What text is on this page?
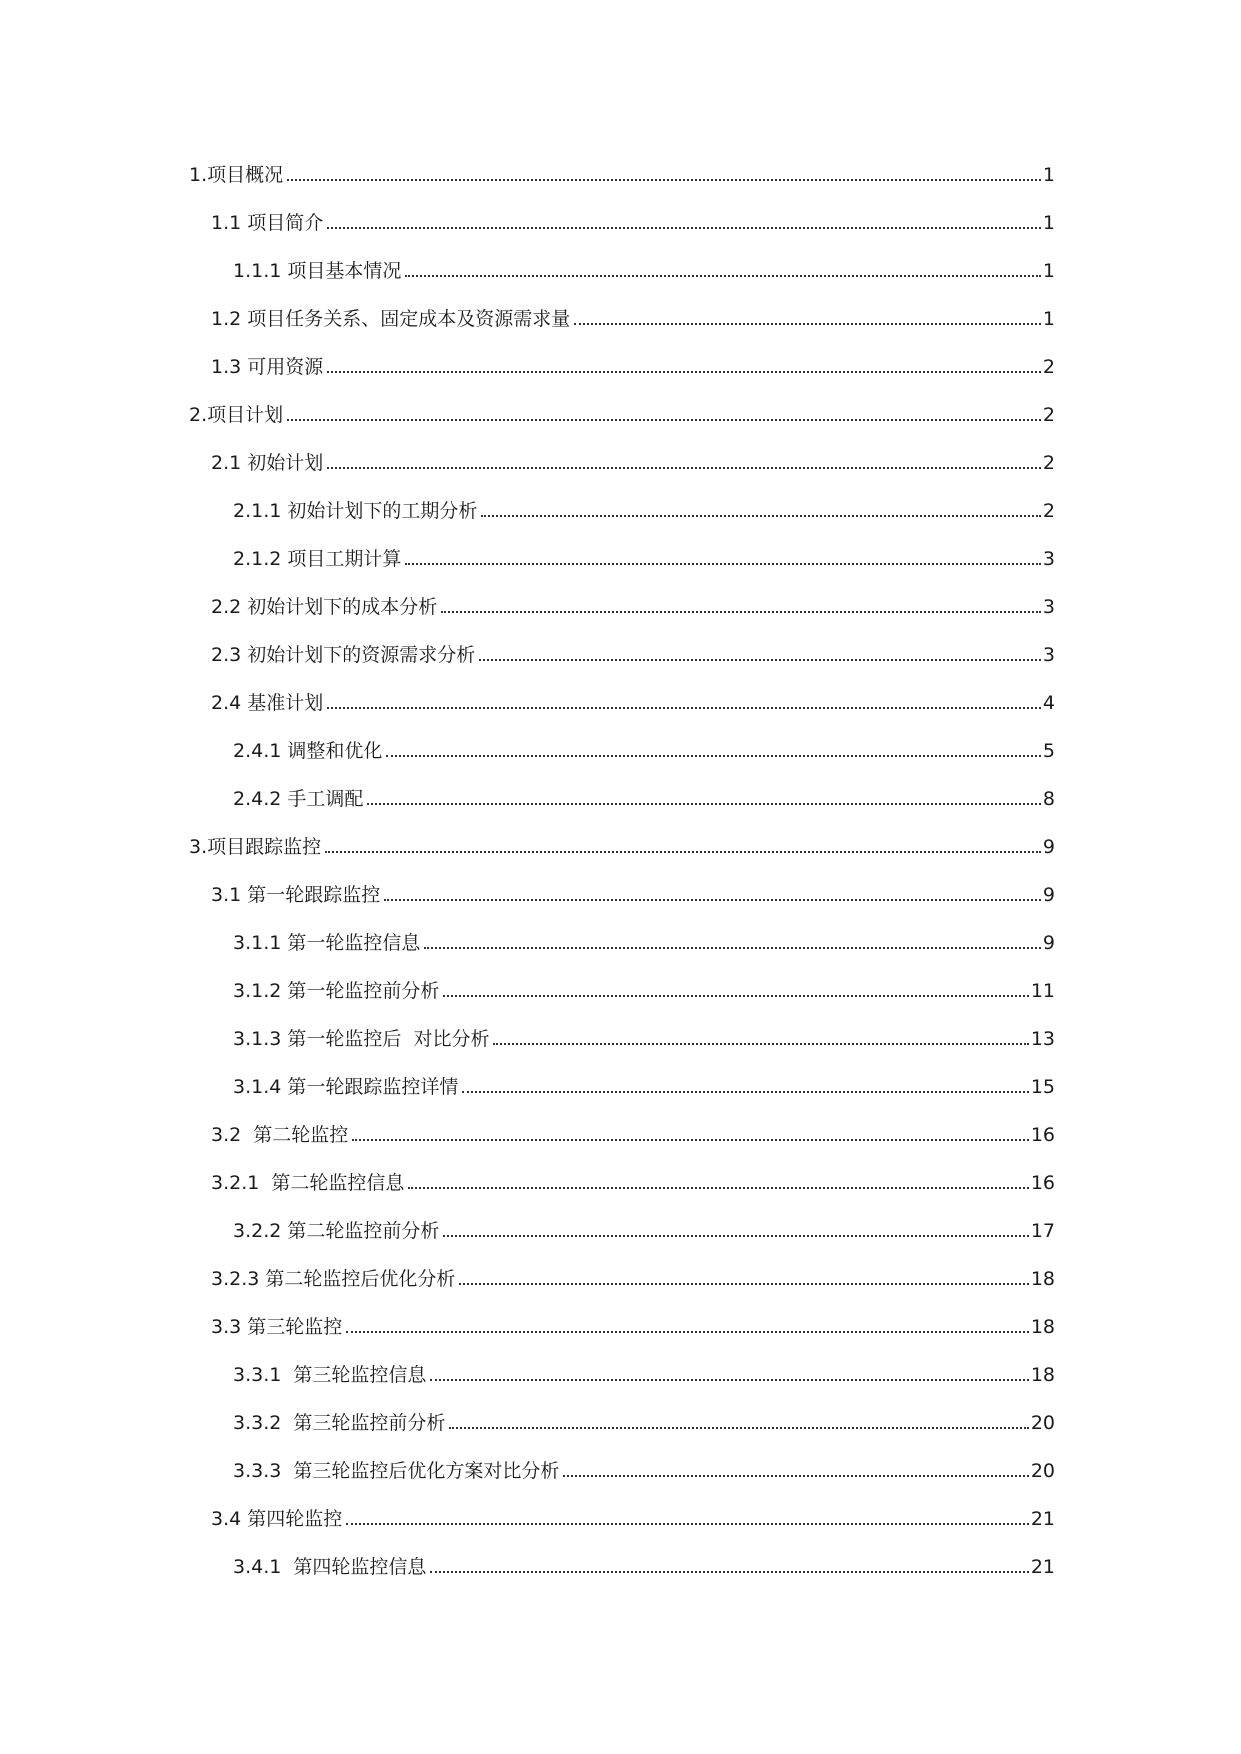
1.项目概况	1
1.1 项目简介	1
1.1.1 项目基本情况	1
1.2 项目任务关系、固定成本及资源需求量	1
1.3 可用资源	2
2.项目计划	2
2.1 初始计划	2
2.1.1 初始计划下的工期分析	2
2.1.2 项目工期计算	3
2.2 初始计划下的成本分析	3
2.3 初始计划下的资源需求分析	3
2.4 基准计划	4
2.4.1 调整和优化	5
2.4.2 手工调配	8
3.项目跟踪监控	9
3.1 第一轮跟踪监控	9
3.1.1 第一轮监控信息	9
3.1.2 第一轮监控前分析	11
3.1.3 第一轮监控后  对比分析	13
3.1.4 第一轮跟踪监控详情	15
3.2  第二轮监控	16
3.2.1  第二轮监控信息	16
3.2.2 第二轮监控前分析	17
3.2.3 第二轮监控后优化分析	18
3.3 第三轮监控	18
3.3.1  第三轮监控信息	18
3.3.2  第三轮监控前分析	20
3.3.3  第三轮监控后优化方案对比分析	20
3.4 第四轮监控	21
3.4.1  第四轮监控信息	21
